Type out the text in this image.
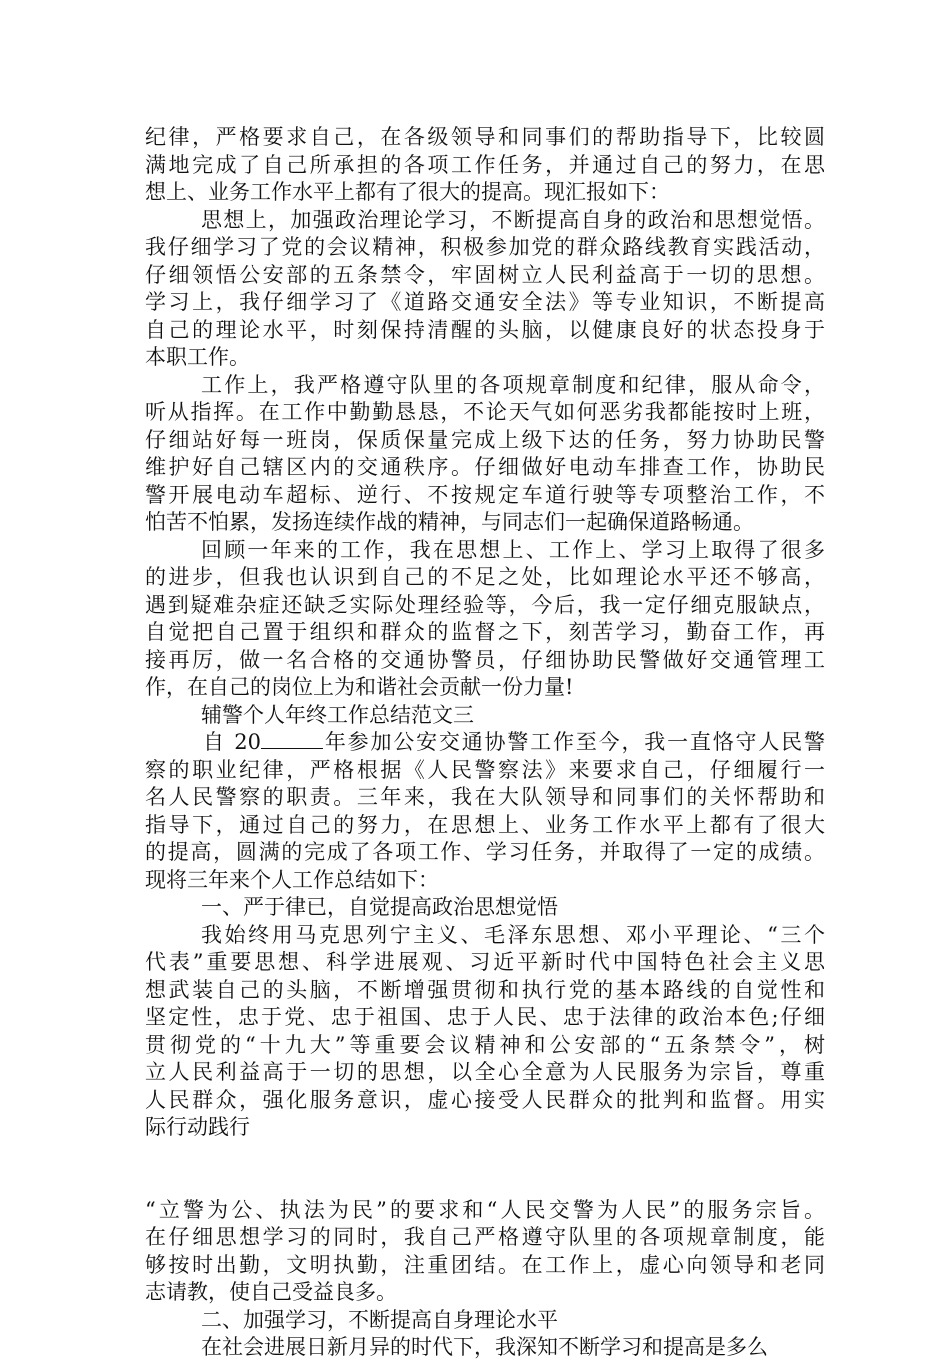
纪律，严格要求自己，在各级领导和同事们的帮助指导下，比较圆
满地完成了自己所承担的各项工作任务，并通过自己的努力，在思
想上、业务工作水平上都有了很大的提高。现汇报如下：
思想上，加强政治理论学习，不断提高自身的政治和思想觉悟。
我仔细学习了党的会议精神，积极参加党的群众路线教育实践活动，
仔细领悟公安部的五条禁令，牢固树立人民利益高于一切的思想。
学习上，我仔细学习了《道路交通安全法》等专业知识，不断提高
自己的理论水平，时刻保持清醒的头脑，以健康良好的状态投身于
本职工作。
工作上，我严格遵守队里的各项规章制度和纪律，服从命令，
听从指挥。在工作中勤勤恳恳，不论天气如何恶劣我都能按时上班，
仔细站好每一班岗，保质保量完成上级下达的任务，努力协助民警
维护好自己辖区内的交通秩序。仔细做好电动车排查工作，协助民
警开展电动车超标、逆行、不按规定车道行驶等专项整治工作，不
怕苦不怕累，发扬连续作战的精神，与同志们一起确保道路畅通。
回顾一年来的工作，我在思想上、工作上、学习上取得了很多
的进步，但我也认识到自己的不足之处，比如理论水平还不够高，
遇到疑难杂症还缺乏实际处理经验等，今后，我一定仔细克服缺点，
自觉把自己置于组织和群众的监督之下，刻苦学习，勤奋工作，再
接再厉，做一名合格的交通协警员，仔细协助民警做好交通管理工
作，在自己的岗位上为和谐社会贡献一份力量!
辅警个人年终工作总结范文三
自 20	年参加公安交通协警工作至今，我一直恪守人民警
察的职业纪律，严格根据《人民警察法》来要求自己，仔细履行一
名人民警察的职责。三年来，我在大队领导和同事们的关怀帮助和
指导下，通过自己的努力，在思想上、业务工作水平上都有了很大
的提高，圆满的完成了各项工作、学习任务，并取得了一定的成绩。
现将三年来个人工作总结如下：
一、严于律已，自觉提高政治思想觉悟
我始终用马克思列宁主义、毛泽东思想、邓小平理论、“三个
代表”重要思想、科学进展观、习近平新时代中国特色社会主义思
想武装自己的头脑，不断增强贯彻和执行党的基本路线的自觉性和
坚定性，忠于党、忠于祖国、忠于人民、忠于法律的政治本色;仔细
贯彻党的“十九大”等重要会议精神和公安部的“五条禁令”，树
立人民利益高于一切的思想，以全心全意为人民服务为宗旨，尊重
人民群众，强化服务意识，虚心接受人民群众的批判和监督。用实
际行动践行
“立警为公、执法为民”的要求和“人民交警为人民”的服务宗旨。
在仔细思想学习的同时，我自己严格遵守队里的各项规章制度，能
够按时出勤，文明执勤，注重团结。在工作上，虚心向领导和老同
志请教，使自己受益良多。
二、加强学习，不断提高自身理论水平
在社会进展日新月异的时代下，我深知不断学习和提高是多么
